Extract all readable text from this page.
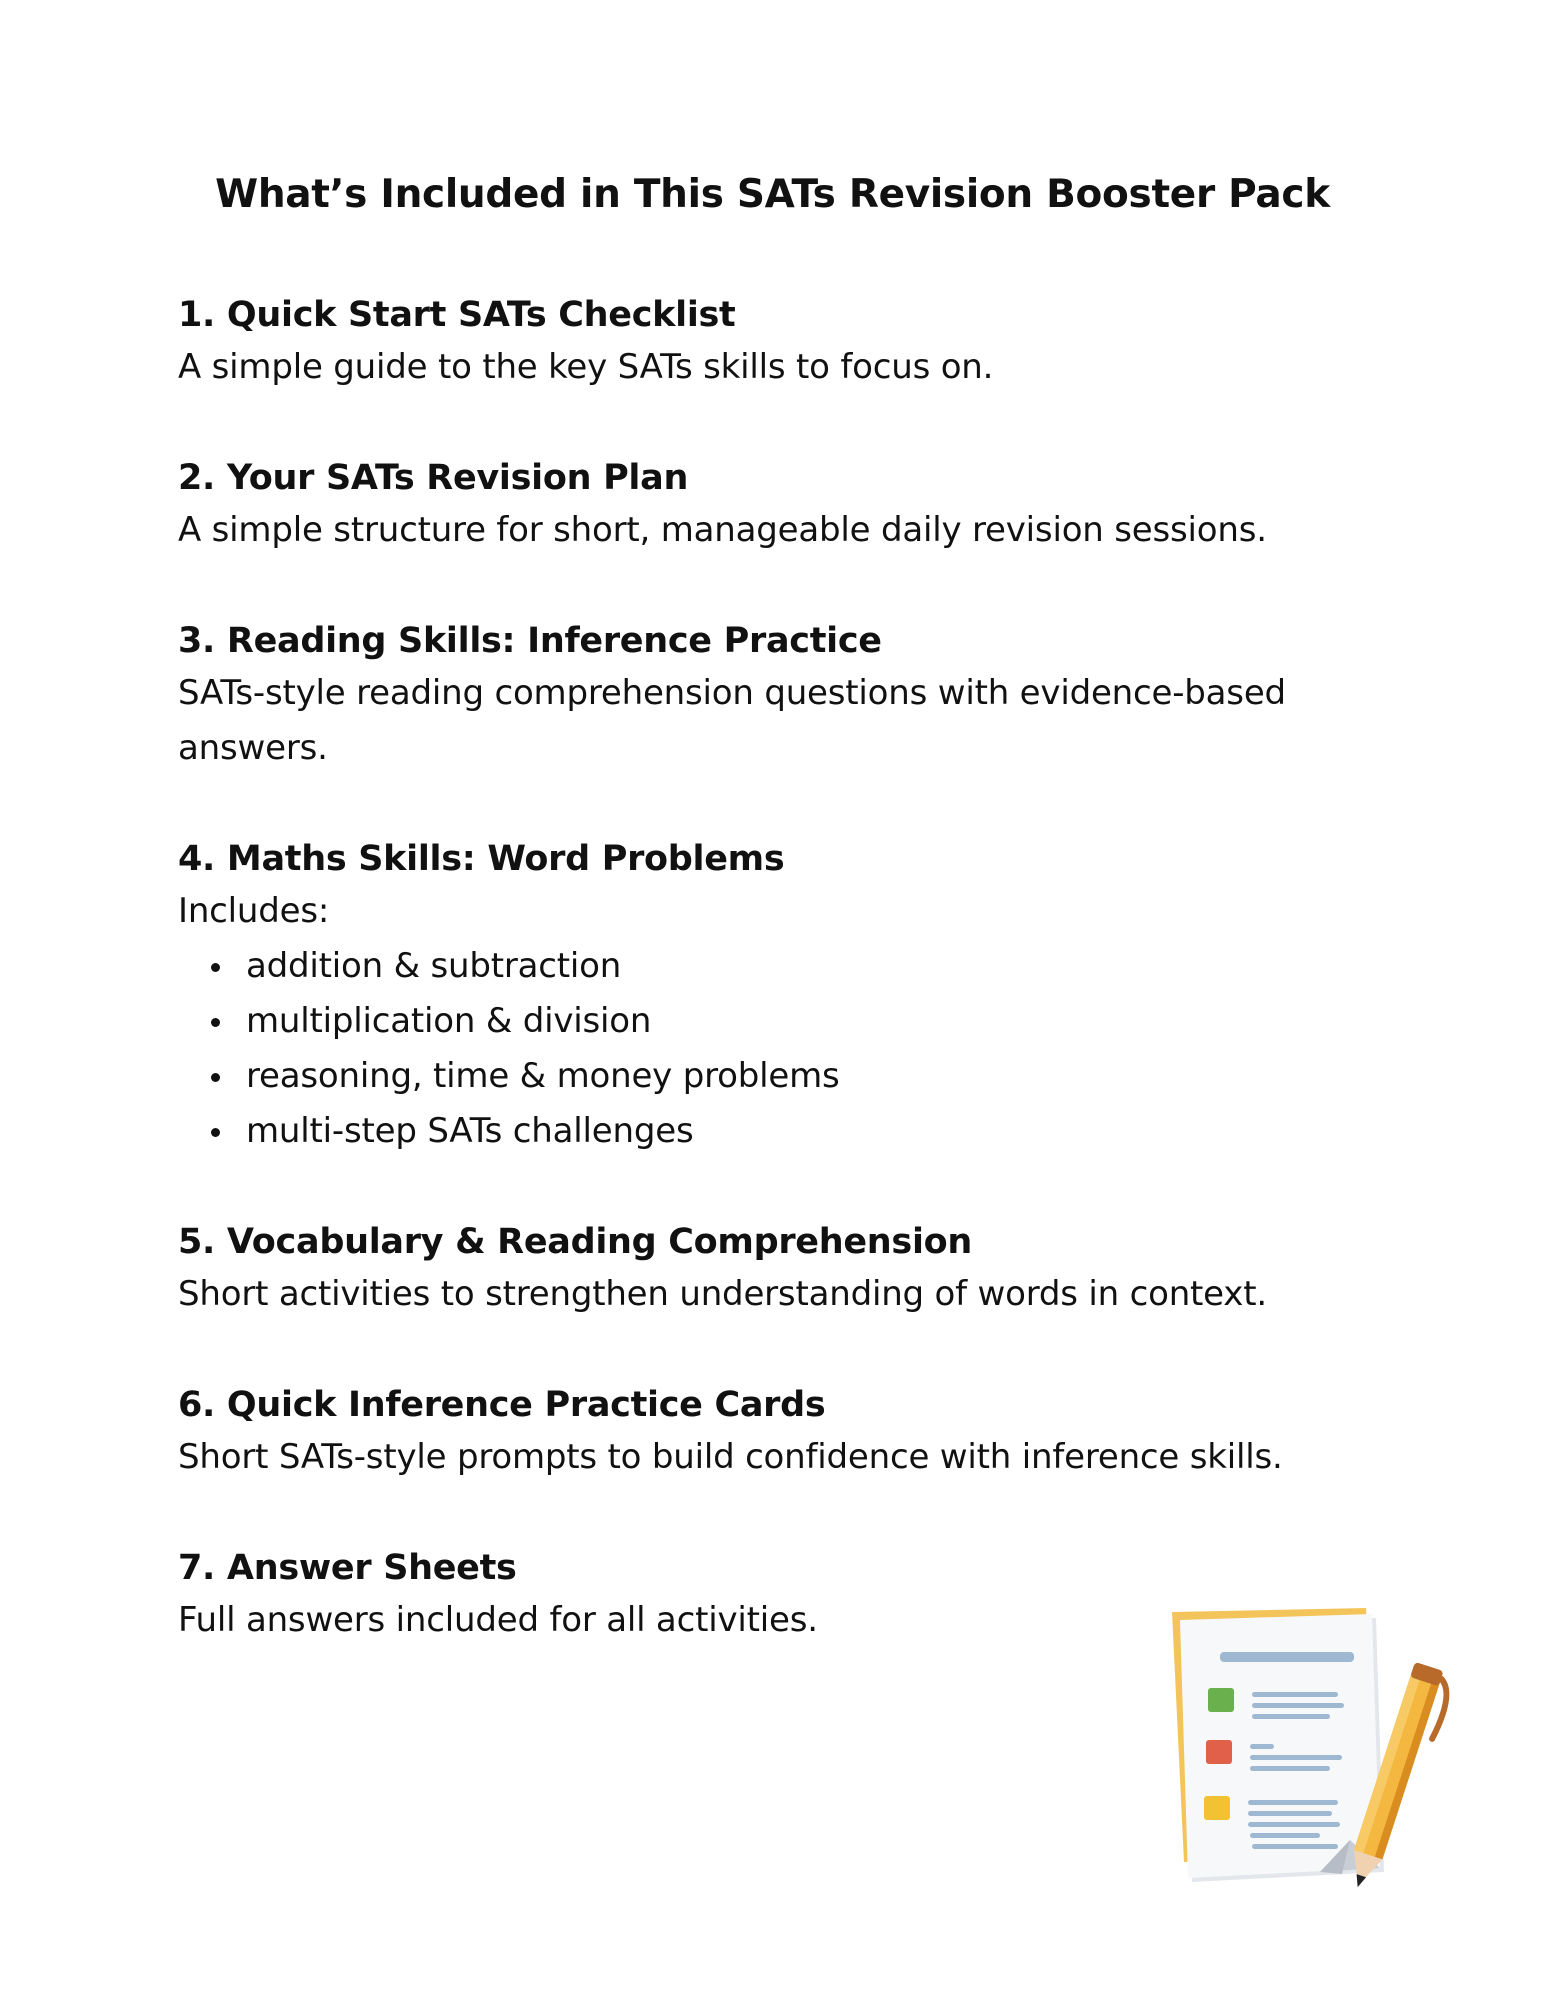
What’s Included in This SATs Revision Booster Pack
1. Quick Start SATs Checklist

A simple guide to the key SATs skills to focus on.

2. Your SATs Revision Plan

A simple structure for short, manageable daily revision sessions.

3. Reading Skills: Inference Practice

SATs-style reading comprehension questions with evidence-based answers.

4. Maths Skills: Word Problems

Includes:

addition & subtraction
multiplication & division
reasoning, time & money problems
multi-step SATs challenges
5. Vocabulary & Reading Comprehension

Short activities to strengthen understanding of words in context.

6. Quick Inference Practice Cards

Short SATs-style prompts to build confidence with inference skills.

7. Answer Sheets

Full answers included for all activities.
